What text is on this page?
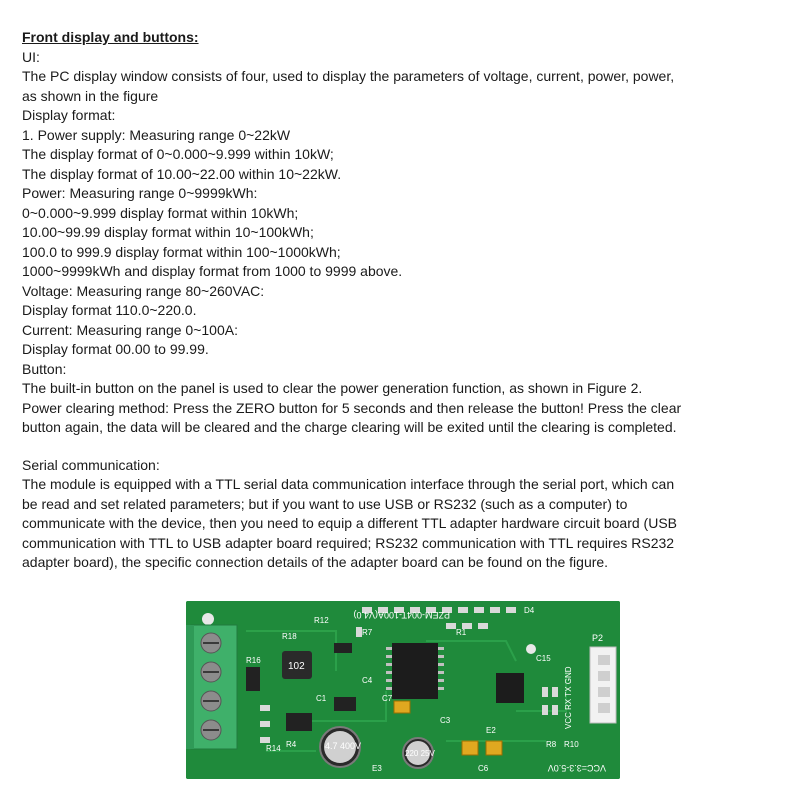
Front display and buttons:

UI:

The PC display window consists of four, used to display the parameters of voltage, current, power, power,

as shown in the figure

Display format:

1. Power supply: Measuring range 0~22kW

The display format of 0~0.000~9.999 within 10kW;

The display format of 10.00~22.00 within 10~22kW.

Power: Measuring range 0~9999kWh:

0~0.000~9.999 display format within 10kWh;

10.00~99.99 display format within 10~100kWh;

100.0 to 999.9 display format within 100~1000kWh;

1000~9999kWh and display format from 1000 to 9999 above.

Voltage: Measuring range 80~260VAC:

Display format 110.0~220.0.

Current: Measuring range 0~100A:

Display format 00.00 to 99.99.

Button:

The built-in button on the panel is used to clear the power generation function, as shown in Figure 2.

Power clearing method: Press the ZERO button for 5 seconds and then release the button! Press the clear

button again, the data will be cleared and the charge clearing will be exited until the clearing is completed.

Serial communication:

The module is equipped with a TTL serial data communication interface through the serial port, which can

be read and set related parameters; but if you want to use USB or RS232 (such as a computer) to

communicate with the device, then you need to equip a different TTL adapter hardware circuit board (USB

communication with TTL to USB adapter board required; RS232 communication with TTL requires RS232

adapter board), the specific connection details of the adapter board can be found on the figure.

102
4.7 400V
220 25V
PZEM-004T-100A(V4.0)
VCC RX TX GND
P2
VCC=3.3-5.0V
R18
R12
D4
C15
C4
R7	R1
R4
E3
E2
C3
C6
R8 R10
R14
R16
C7
C1
